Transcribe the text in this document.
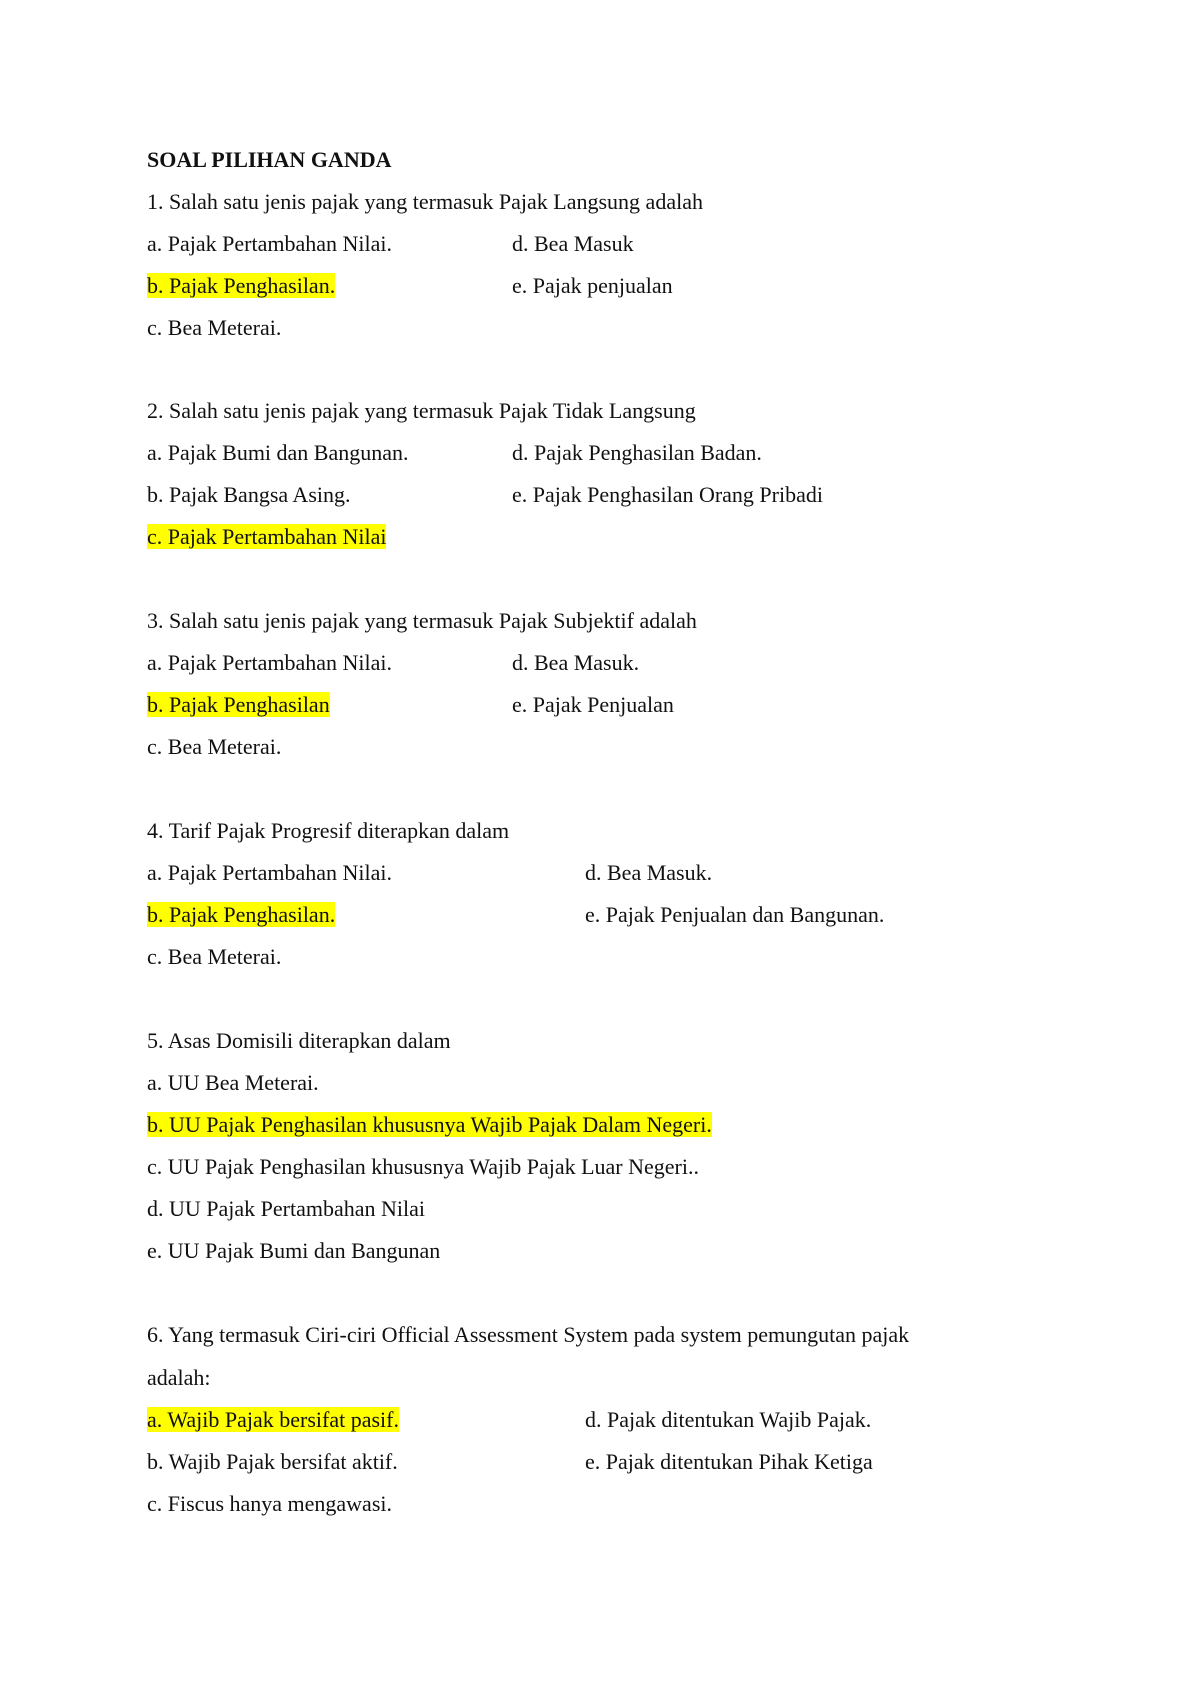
SOAL PILIHAN GANDA
1. Salah satu jenis pajak yang termasuk Pajak Langsung adalah
a. Pajak Pertambahan Nilai.	d. Bea Masuk
b. Pajak Penghasilan.	e. Pajak penjualan
c. Bea Meterai.
2. Salah satu jenis pajak yang termasuk Pajak Tidak Langsung
a. Pajak Bumi dan Bangunan.	d. Pajak Penghasilan Badan.
b. Pajak Bangsa Asing.	e. Pajak Penghasilan Orang Pribadi
c. Pajak Pertambahan Nilai
3. Salah satu jenis pajak yang termasuk Pajak Subjektif adalah
a. Pajak Pertambahan Nilai.	d. Bea Masuk.
b. Pajak Penghasilan	e. Pajak Penjualan
c. Bea Meterai.
4. Tarif Pajak Progresif diterapkan dalam
a. Pajak Pertambahan Nilai.	d. Bea Masuk.
b. Pajak Penghasilan.	e. Pajak Penjualan dan Bangunan.
c. Bea Meterai.
5. Asas Domisili diterapkan dalam
a. UU Bea Meterai.
b. UU Pajak Penghasilan khususnya Wajib Pajak Dalam Negeri.
c. UU Pajak Penghasilan khususnya Wajib Pajak Luar Negeri..
d. UU Pajak Pertambahan Nilai
e. UU Pajak Bumi dan Bangunan
6. Yang termasuk Ciri-ciri Official Assessment System pada system pemungutan pajak
adalah:
a. Wajib Pajak bersifat pasif.	d. Pajak ditentukan Wajib Pajak.
b. Wajib Pajak bersifat aktif.	e. Pajak ditentukan Pihak Ketiga
c. Fiscus hanya mengawasi.
